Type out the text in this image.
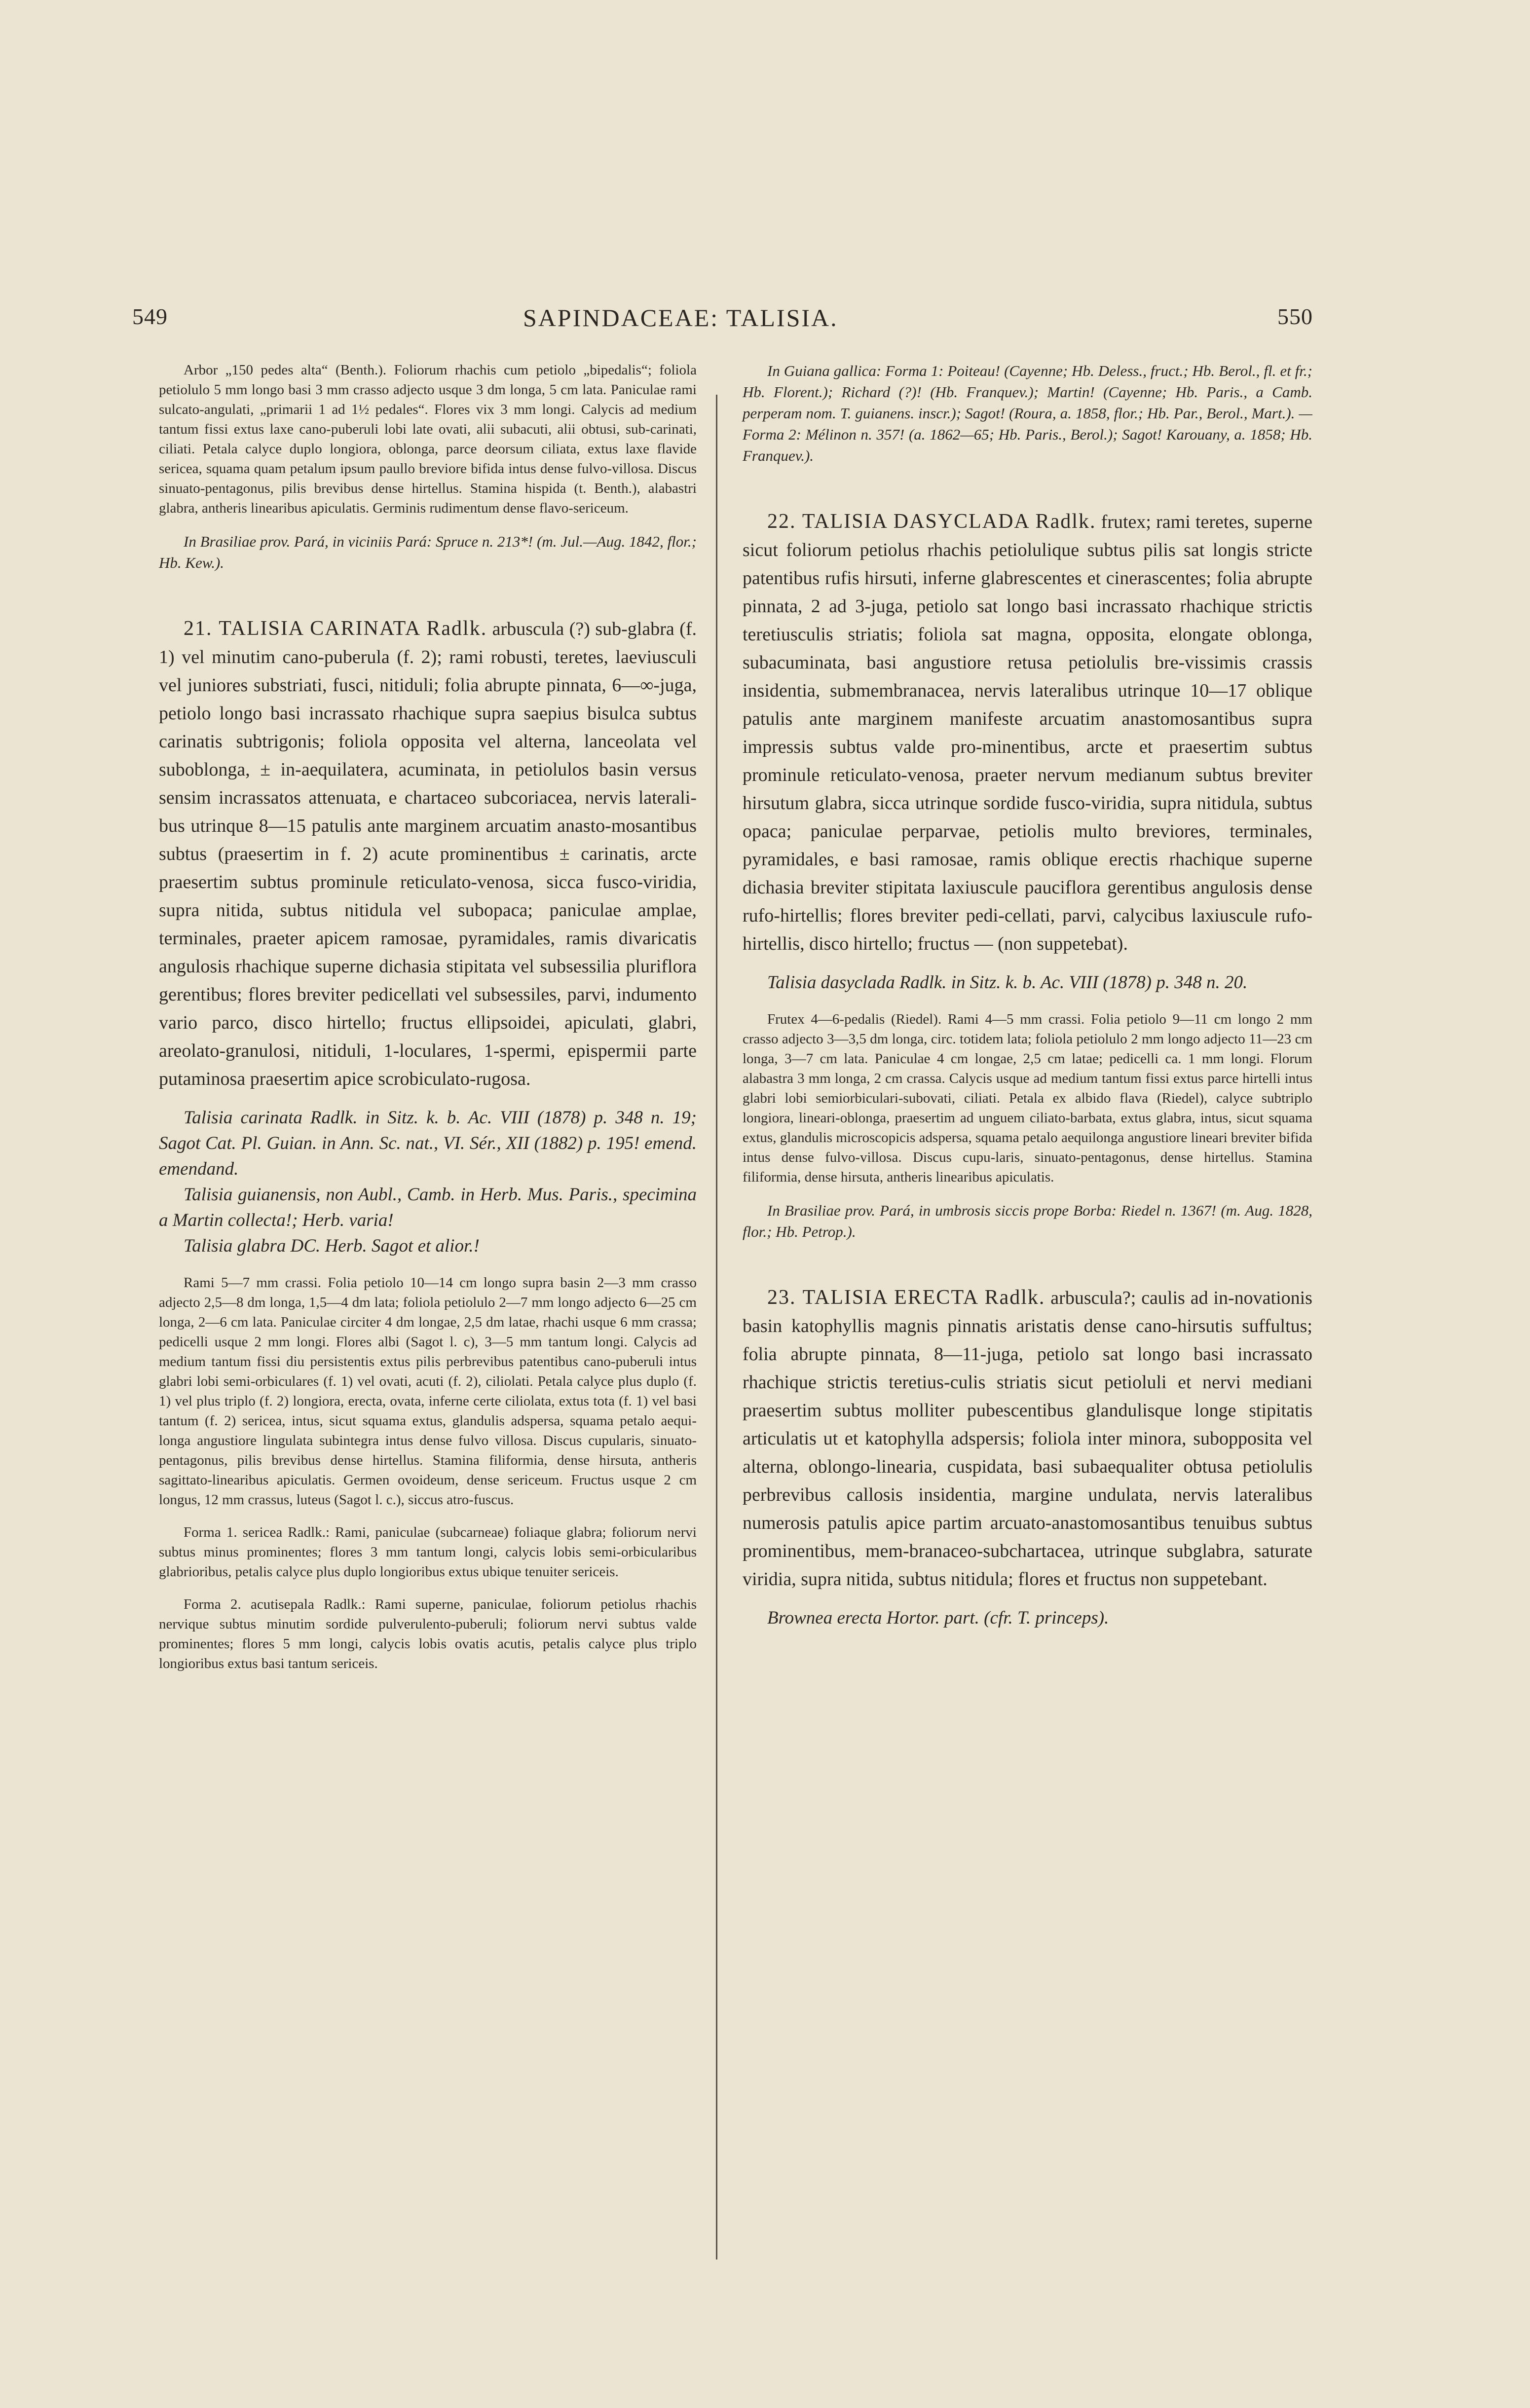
549	SAPINDACEAE: TALISIA.	550

Arbor „150 pedes alta“ (Benth.). Foliorum rhachis cum petiolo „bipedalis“; foliola petiolulo 5 mm longo basi 3 mm crasso adjecto usque 3 dm longa, 5 cm lata. Paniculae rami sulcato-angulati, „primarii 1 ad 1½ pedales“. Flores vix 3 mm longi. Calycis ad medium tantum fissi extus laxe cano-puberuli lobi late ovati, alii subacuti, alii obtusi, sub-carinati, ciliati. Petala calyce duplo longiora, oblonga, parce deorsum ciliata, extus laxe flavide sericea, squama quam petalum ipsum paullo breviore bifida intus dense fulvo-villosa. Discus sinuato-pentagonus, pilis brevibus dense hirtellus. Stamina hispida (t. Benth.), alabastri glabra, antheris linearibus apiculatis. Germinis rudimentum dense flavo-sericeum.

In Brasiliae prov. Pará, in viciniis Pará: Spruce n. 213*! (m. Jul.—Aug. 1842, flor.; Hb. Kew.).

21. TALISIA CARINATA Radlk. arbuscula (?) sub-glabra (f. 1) vel minutim cano-puberula (f. 2); rami robusti, teretes, laeviusculi vel juniores substriati, fusci, nitiduli; folia abrupte pinnata, 6—∞-juga, petiolo longo basi incrassato rhachique supra saepius bisulca subtus carinatis subtrigonis; foliola opposita vel alterna, lanceolata vel suboblonga, ± in-aequilatera, acuminata, in petiolulos basin versus sensim incrassatos attenuata, e chartaceo subcoriacea, nervis laterali-bus utrinque 8—15 patulis ante marginem arcuatim anasto-mosantibus subtus (praesertim in f. 2) acute prominentibus ± carinatis, arcte praesertim subtus prominule reticulato-venosa, sicca fusco-viridia, supra nitida, subtus nitidula vel subopaca; paniculae amplae, terminales, praeter apicem ramosae, pyramidales, ramis divaricatis angulosis rhachique superne dichasia stipitata vel subsessilia pluriflora gerentibus; flores breviter pedicellati vel subsessiles, parvi, indumento vario parco, disco hirtello; fructus ellipsoidei, apiculati, glabri, areolato-granulosi, nitiduli, 1-loculares, 1-spermi, epispermii parte putaminosa praesertim apice scrobiculato-rugosa.

Talisia carinata Radlk. in Sitz. k. b. Ac. VIII (1878) p. 348 n. 19; Sagot Cat. Pl. Guian. in Ann. Sc. nat., VI. Sér., XII (1882) p. 195! emend. emendand.

Talisia guianensis, non Aubl., Camb. in Herb. Mus. Paris., specimina a Martin collecta!; Herb. varia!

Talisia glabra DC. Herb. Sagot et alior.!

Rami 5—7 mm crassi. Folia petiolo 10—14 cm longo supra basin 2—3 mm crasso adjecto 2,5—8 dm longa, 1,5—4 dm lata; foliola petiolulo 2—7 mm longo adjecto 6—25 cm longa, 2—6 cm lata. Paniculae circiter 4 dm longae, 2,5 dm latae, rhachi usque 6 mm crassa; pedicelli usque 2 mm longi. Flores albi (Sagot l. c), 3—5 mm tantum longi. Calycis ad medium tantum fissi diu persistentis extus pilis perbrevibus patentibus cano-puberuli intus glabri lobi semi-orbiculares (f. 1) vel ovati, acuti (f. 2), ciliolati. Petala calyce plus duplo (f. 1) vel plus triplo (f. 2) longiora, erecta, ovata, inferne certe ciliolata, extus tota (f. 1) vel basi tantum (f. 2) sericea, intus, sicut squama extus, glandulis adspersa, squama petalo aequi-longa angustiore lingulata subintegra intus dense fulvo villosa. Discus cupularis, sinuato-pentagonus, pilis brevibus dense hirtellus. Stamina filiformia, dense hirsuta, antheris sagittato-linearibus apiculatis. Germen ovoideum, dense sericeum. Fructus usque 2 cm longus, 12 mm crassus, luteus (Sagot l. c.), siccus atro-fuscus.

Forma 1. sericea Radlk.: Rami, paniculae (subcarneae) foliaque glabra; foliorum nervi subtus minus prominentes; flores 3 mm tantum longi, calycis lobis semi-orbicularibus glabrioribus, petalis calyce plus duplo longioribus extus ubique tenuiter sericeis.

Forma 2. acutisepala Radlk.: Rami superne, paniculae, foliorum petiolus rhachis nervique subtus minutim sordide pulverulento-puberuli; foliorum nervi subtus valde prominentes; flores 5 mm longi, calycis lobis ovatis acutis, petalis calyce plus triplo longioribus extus basi tantum sericeis.

In Guiana gallica: Forma 1: Poiteau! (Cayenne; Hb. Deless., fruct.; Hb. Berol., fl. et fr.; Hb. Florent.); Richard (?)! (Hb. Franquev.); Martin! (Cayenne; Hb. Paris., a Camb. perperam nom. T. guianens. inscr.); Sagot! (Roura, a. 1858, flor.; Hb. Par., Berol., Mart.). — Forma 2: Mélinon n. 357! (a. 1862—65; Hb. Paris., Berol.); Sagot! Karouany, a. 1858; Hb. Franquev.).

22. TALISIA DASYCLADA Radlk. frutex; rami teretes, superne sicut foliorum petiolus rhachis petiolulique subtus pilis sat longis stricte patentibus rufis hirsuti, inferne glabrescentes et cinerascentes; folia abrupte pinnata, 2 ad 3-juga, petiolo sat longo basi incrassato rhachique strictis teretiusculis striatis; foliola sat magna, opposita, elongate oblonga, subacuminata, basi angustiore retusa petiolulis bre-vissimis crassis insidentia, submembranacea, nervis lateralibus utrinque 10—17 oblique patulis ante marginem manifeste arcuatim anastomosantibus supra impressis subtus valde pro-minentibus, arcte et praesertim subtus prominule reticulato-venosa, praeter nervum medianum subtus breviter hirsutum glabra, sicca utrinque sordide fusco-viridia, supra nitidula, subtus opaca; paniculae perparvae, petiolis multo breviores, terminales, pyramidales, e basi ramosae, ramis oblique erectis rhachique superne dichasia breviter stipitata laxiuscule pauciflora gerentibus angulosis dense rufo-hirtellis; flores breviter pedi-cellati, parvi, calycibus laxiuscule rufo-hirtellis, disco hirtello; fructus — (non suppetebat).

Talisia dasyclada Radlk. in Sitz. k. b. Ac. VIII (1878) p. 348 n. 20.

Frutex 4—6-pedalis (Riedel). Rami 4—5 mm crassi. Folia petiolo 9—11 cm longo 2 mm crasso adjecto 3—3,5 dm longa, circ. totidem lata; foliola petiolulo 2 mm longo adjecto 11—23 cm longa, 3—7 cm lata. Paniculae 4 cm longae, 2,5 cm latae; pedicelli ca. 1 mm longi. Florum alabastra 3 mm longa, 2 cm crassa. Calycis usque ad medium tantum fissi extus parce hirtelli intus glabri lobi semiorbiculari-subovati, ciliati. Petala ex albido flava (Riedel), calyce subtriplo longiora, lineari-oblonga, praesertim ad unguem ciliato-barbata, extus glabra, intus, sicut squama extus, glandulis microscopicis adspersa, squama petalo aequilonga angustiore lineari breviter bifida intus dense fulvo-villosa. Discus cupu-laris, sinuato-pentagonus, dense hirtellus. Stamina filiformia, dense hirsuta, antheris linearibus apiculatis.

In Brasiliae prov. Pará, in umbrosis siccis prope Borba: Riedel n. 1367! (m. Aug. 1828, flor.; Hb. Petrop.).

23. TALISIA ERECTA Radlk. arbuscula?; caulis ad in-novationis basin katophyllis magnis pinnatis aristatis dense cano-hirsutis suffultus; folia abrupte pinnata, 8—11-juga, petiolo sat longo basi incrassato rhachique strictis teretius-culis striatis sicut petioluli et nervi mediani praesertim subtus molliter pubescentibus glandulisque longe stipitatis articulatis ut et katophylla adspersis; foliola inter minora, subopposita vel alterna, oblongo-linearia, cuspidata, basi subaequaliter obtusa petiolulis perbrevibus callosis insidentia, margine undulata, nervis lateralibus numerosis patulis apice partim arcuato-anastomosantibus tenuibus subtus prominentibus, mem-branaceo-subchartacea, utrinque subglabra, saturate viridia, supra nitida, subtus nitidula; flores et fructus non suppetebant.

Brownea erecta Hortor. part. (cfr. T. princeps).
